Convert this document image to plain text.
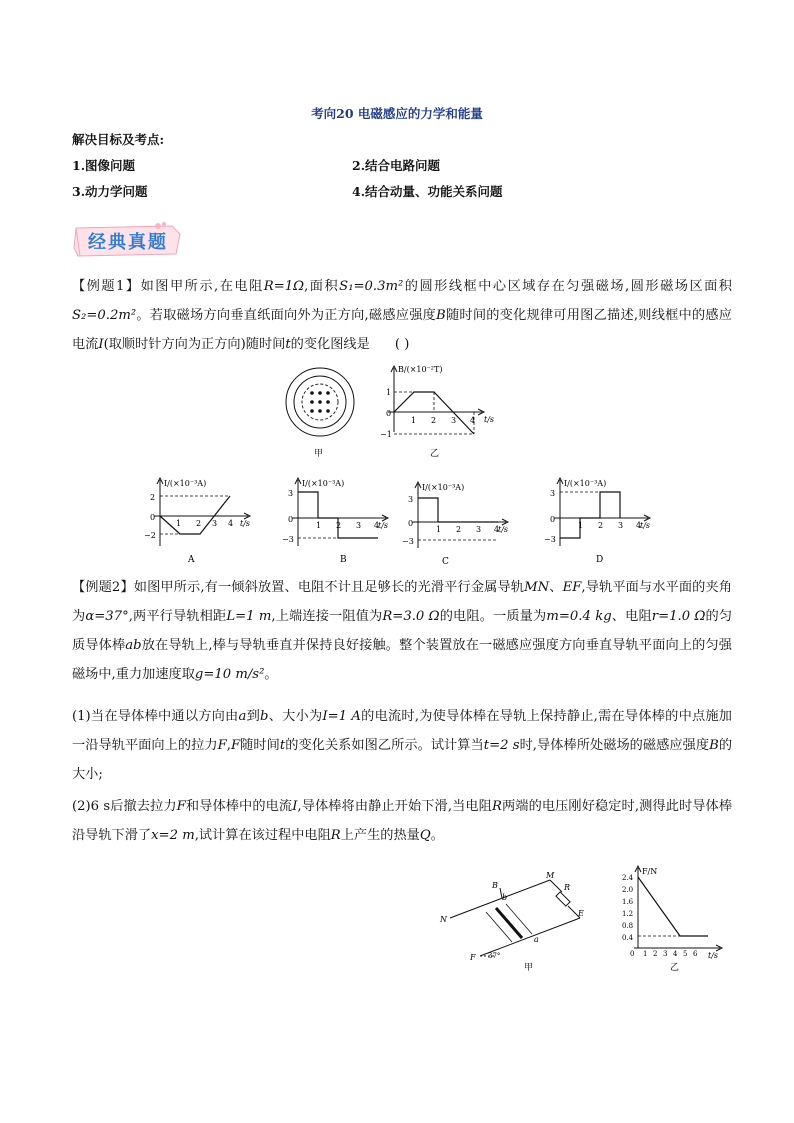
考向20 电磁感应的力学和能量
解决目标及考点:
1.图像问题	2.结合电路问题
3.动力学问题	4.结合动量、功能关系问题
经典真题
【例题1】如图甲所示,在电阻R=1Ω,面积S₁=0.3m²的圆形线框中心区域存在匀强磁场,圆形磁场区面积S₂=0.2m²。若取磁场方向垂直纸面向外为正方向,磁感应强度B随时间的变化规律可用图乙描述,则线框中的感应电流I(取顺时针方向为正方向)随时间t的变化图线是 ( )
甲
B/(×10⁻²T)
t/s
1
0
−1
1 2 3 4
乙
I/(×10⁻³A)
t/s
2
0
−2
1 2 3 4
A
I/(×10⁻³A)
t/s
3
0
−3
1 2 3 4
B
I/(×10⁻³A)
t/s
3
0
−3
1 2 3 4
C
I/(×10⁻³A)
t/s
3
0
−3
1 2 3 4
D
【例题2】如图甲所示,有一倾斜放置、电阻不计且足够长的光滑平行金属导轨MN、EF,导轨平面与水平面的夹角为α=37°,两平行导轨相距L=1 m,上端连接一阻值为R=3.0 Ω的电阻。一质量为m=0.4 kg、电阻r=1.0 Ω的匀质导体棒ab放在导轨上,棒与导轨垂直并保持良好接触。整个装置放在一磁感应强度方向垂直导轨平面向上的匀强磁场中,重力加速度取g=10 m/s²。
(1)当在导体棒中通以方向由a到b、大小为I=1 A的电流时,为使导体棒在导轨上保持静止,需在导体棒的中点施加一沿导轨平面向上的拉力F,F随时间t的变化关系如图乙所示。试计算当t=2 s时,导体棒所处磁场的磁感应强度B的大小;
(2)6 s后撤去拉力F和导体棒中的电流I,导体棒将由静止开始下滑,当电阻R两端的电压刚好稳定时,测得此时导体棒沿导轨下滑了x=2 m,试计算在该过程中电阻R上产生的热量Q。
N
B
b
M
R
E
a
F 37°
甲
F/N
t/s
2.4
2.0
1.6
1.2
0.8
0.4
0 1 2 3 4 5 6
乙
